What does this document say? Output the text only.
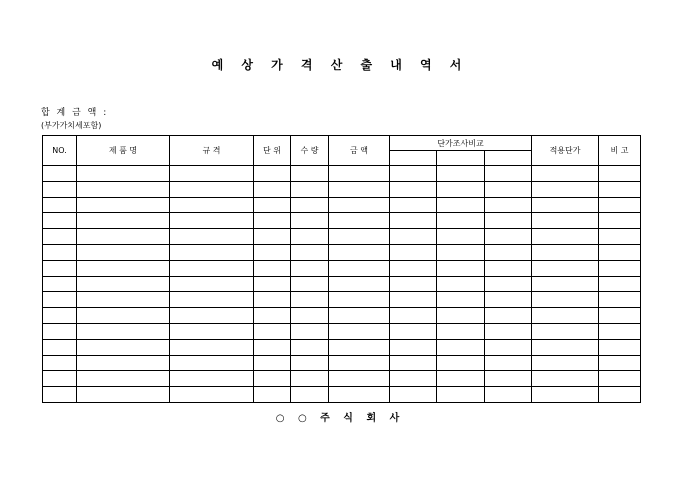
예 상 가 격 산 출 내 역 서
합 계 금 액 :
(부가가치세포함)
NO.	제 품 명	규 격	단 위	수 량	금 액	단가조사비교			적용단가	비 고

○ ○ 주 식 회 사
